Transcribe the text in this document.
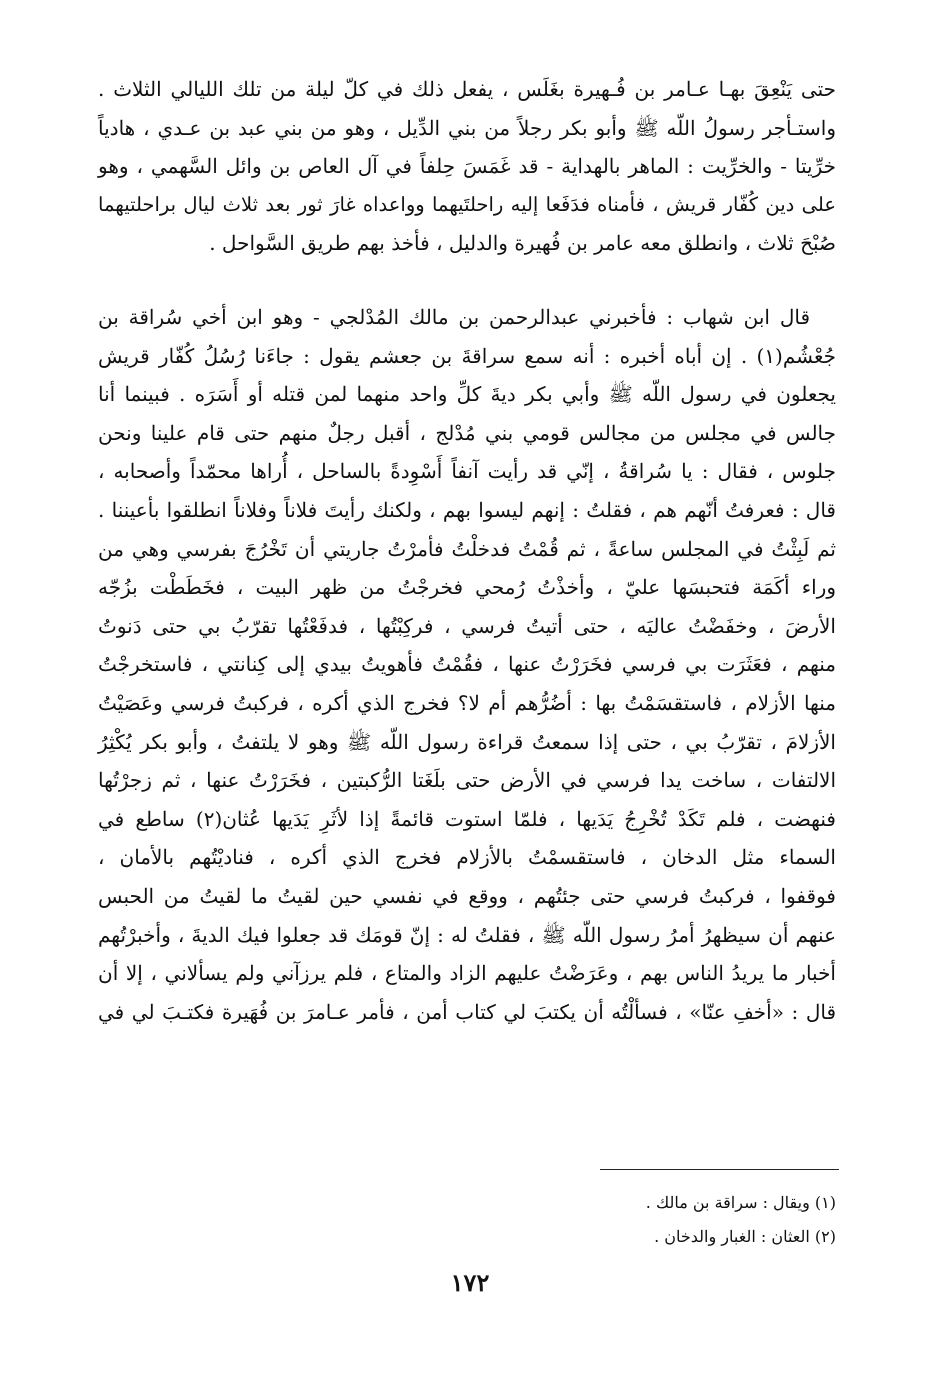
حتى يَنْعِقَ بهـا عـامر بن فُـهيرة بغَلَس ، يفعل ذلك في كلّ ليلة من تلك الليالي الثلاث .
واستـأجر رسولُ اللّه ﷺ وأبو بكر رجلاً من بني الدِّيل ، وهو من بني عبد بن عـدي ، هادياً
خرِّيتا - والخرِّيت : الماهر بالهداية - قد غَمَسَ حِلفاً في آل العاص بن وائل السَّهمي ، وهو
على دين كُفّار قريش ، فأمناه فدَفَعا إليه راحلتَيهما وواعداه غارَ ثور بعد ثلاث ليال براحلتيهما
صُبْحَ ثلاث ، وانطلق معه عامر بن فُهيرة والدليل ، فأخذ بهم طريق السَّواحل .
قال ابن شهاب : فأخبرني عبدالرحمن بن مالك المُدْلجي - وهو ابن أخي سُراقة بن
جُعْشُم(١) . إن أباه أخبره : أنه سمع سراقةَ بن جعشم يقول : جاءَنا رُسُلُ كُفّار قريش
يجعلون في رسول اللّه ﷺ وأبي بكر ديةَ كلِّ واحد منهما لمن قتله أو أَسَرَه . فبينما أنا
جالس في مجلس من مجالس قومي بني مُدْلج ، أقبل رجلٌ منهم حتى قام علينا ونحن
جلوس ، فقال : يا سُراقةُ ، إنّي قد رأيت آنفاً أَسْوِدةً بالساحل ، أُراها محمّداً وأصحابه ،
قال : فعرفتُ أنّهم هم ، فقلتُ : إنهم ليسوا بهم ، ولكنك رأيتَ فلاناً وفلاناً انطلقوا بأعيننا .
ثم لَبِثْتُ في المجلس ساعةً ، ثم قُمْتُ فدخلْتُ فأمرْتُ جاريتي أن تَخْرُجَ بفرسي وهي من
وراء أكَمَة فتحبسَها عليّ ، وأخذْتُ رُمحي فخرجْتُ من ظهر البيت ، فخَطَطْت بزُجّه
الأرضَ ، وخفَضْتُ عاليَه ، حتى أتيتُ فرسي ، فركِبْتُها ، فدفَعْتُها تقرّبُ بي حتى دَنوتُ
منهم ، فعَثَرَت بي فرسي فخَرَرْتُ عنها ، فقُمْتُ فأهويتُ بيدي إلى كِنانتي ، فاستخرجْتُ
منها الأزلام ، فاستقسَمْتُ بها : أضُرُّهم أم لا؟ فخرج الذي أكره ، فركبتُ فرسي وعَصَيْتُ
الأزلامَ ، تقرّبُ بي ، حتى إذا سمعتُ قراءة رسول اللّه ﷺ وهو لا يلتفتُ ، وأبو بكر يُكْثِرُ
الالتفات ، ساخت يدا فرسي في الأرض حتى بلَغَتا الرُّكبتين ، فخَرَرْتُ عنها ، ثم زجرْتُها
فنهضت ، فلم تَكَدْ تُخْرِجُ يَدَيها ، فلمّا استوت قائمةً إذا لأثَرِ يَدَيها عُثان(٢) ساطع في
السماء مثل الدخان ، فاستقسمْتُ بالأزلام فخرج الذي أكره ، فناديْتُهم بالأمان ،
فوقفوا ، فركبتُ فرسي حتى جئتُهم ، ووقع في نفسي حين لقيتُ ما لقيتُ من الحبس
عنهم أن سيظهرُ أمرُ رسول اللّه ﷺ ، فقلتُ له : إنّ قومَك قد جعلوا فيك الديةَ ، وأخبرْتُهم
أخبار ما يريدُ الناس بهم ، وعَرَضْتُ عليهم الزاد والمتاع ، فلم يرزآني ولم يسألاني ، إلا أن
قال : «أخفِ عنّا» ، فسألْتُه أن يكتبَ لي كتاب أمن ، فأمر عـامرَ بن فُهَيرة فكتـبَ لي في
(١) ويقال : سراقة بن مالك .
(٢) العثان : الغبار والدخان .
١٧٢
